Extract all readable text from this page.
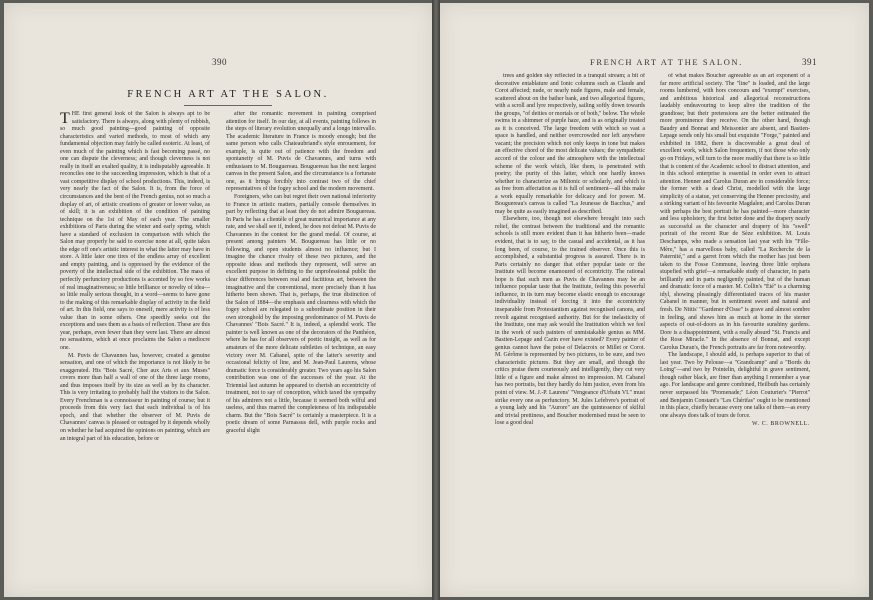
390
FRENCH ART AT THE SALON.

THE first general look of the Salon is always apt to be satisfactory. There is always, along with plenty of rubbish, so much good painting—good painting of opposite characteristics and varied methods, to most of which any fundamental objection may fairly be called esoteric. At least, of even much of the painting which is fast becoming passé, no one can dispute the cleverness; and though cleverness is not really in itself an exalted quality, it is indisputably agreeable. It reconciles one to the succeeding impression, which is that of a vast competitive display of school productions. This, indeed, is very nearly the fact of the Salon. It is, from the force of circumstances and the bent of the French genius, not so much a display of art, of artistic creations of greater or lower value, as of skill; it is an exhibition of the condition of painting technique on the 1st of May of each year. The smaller exhibitions of Paris during the winter and early spring, which have a standard of exclusion in comparison with which the Salon may properly be said to exercise none at all, quite takes the edge off one's artistic interest in what the latter may have in store. A little later one tires of the endless array of excellent and empty painting, and is oppressed by the evidence of the poverty of the intellectual side of the exhibition. The mass of perfectly perfunctory productions is accented by so few works of real imaginativeness; so little brilliance or novelty of idea—so little really serious thought, in a word—seems to have gone to the making of this remarkable display of activity in the field of art. In this field, one says to oneself, mere activity is of less value than in some others. One speedily seeks out the exceptions and uses them as a basis of reflection. These are this year, perhaps, even fewer than they were last. There are almost no sensations, which at once proclaims the Salon a mediocre one.

M. Puvis de Chavannes has, however, created a genuine sensation, and one of which the importance is not likely to be exaggerated. His "Bois Sacré, Cher aux Arts et aux Muses" covers more than half a wall of one of the three large rooms, and thus imposes itself by its size as well as by its character. This is very irritating to probably half the visitors to the Salon. Every Frenchman is a connoisseur in painting of course; but it proceeds from this very fact that each individual is of his epoch, and that whether the observer of M. Puvis de Chavannes' canvas is pleased or outraged by it depends wholly on whether he had acquired the opinions on painting, which are an integral part of his education, before or

after the romantic movement in painting comprised attention for itself. In our day, at all events, painting follows in the steps of literary evolution unequally and a longo intervallo. The academic literature in France is moody enough; but the same person who calls Chateaubriand's style enrouement, for example, is quite out of patience with the freedom and spontaneity of M. Puvis de Chavannes, and turns with enthusiasm to M. Bouguereau. Bouguereau has the next largest canvas in the present Salon, and the circumstance is a fortunate one, as it brings forcibly into contrast two of the chief representatives of the fogey school and the modern movement.

Foreigners, who can but regret their own national inferiority to France in artistic matters, partially console themselves in part by reflecting that at least they do not admire Bouguereau. In Paris he has a clientèle of great numerical importance at any rate, and we shall see if, indeed, he does not defeat M. Puvis de Chavannes in the contest for the grand medal. Of course, at present among painters M. Bouguereau has little or no following, and open students almost no influence; but I imagine the chance rivalry of these two pictures, and the opposite ideas and methods they represent, will serve an excellent purpose in defining to the unprofessional public the clear differences between real and factitious art, between the imaginative and the conventional, more precisely than it has hitherto been shown. That is, perhaps, the true distinction of the Salon of 1884—the emphasis and clearness with which the fogey school are relegated to a subordinate position in their own stronghold by the imposing predominance of M. Puvis de Chavannes' "Bois Sacré." It is, indeed, a splendid work. The painter is well known as one of the decorators of the Panthéon, where he has for all observers of poetic insight, as well as for amateurs of the more delicate subtleties of technique, an easy victory over M. Cabanel, spite of the latter's severity and occasional felicity of line, and M. Jean-Paul Laurens, whose dramatic force is considerably greater. Two years ago his Salon contribution was one of the successes of the year. At the Triennial last autumn he appeared to cherish an eccentricity of treatment, not to say of conception, which taxed the sympathy of his admirers not a little, because it seemed both wilful and useless, and thus marred the completeness of his indisputable charm. But the "Bois Sacré" is certainly a masterpiece. It is a poetic dream of some Parnassus dell, with purple rocks and graceful slight

FRENCH ART AT THE SALON.	391

trees and golden sky reflected in a tranquil stream; a bit of decorative entablature and Ionic columns such as Claude and Corot affected; nude, or nearly nude figures, male and female, scattered about on the bather bank, and two allegorical figures, with a scroll and lyre respectively, sailing softly down towards the groups, "of deities or mortals or of both," below. The whole swims in a shimmer of purple haze, and is as originally treated as it is conceived. The large freedom with which so vast a space is handled, and neither overcrowded nor left anywhere vacant; the precision which not only keeps in tone but makes an effective chord of the most delicate values; the sympathetic accord of the colour and the atmosphere with the intellectual scheme of the work which, like them, is penetrated with poetry; the purity of this latter, which one hardly knows whether to characterize as Miltonic or scholarly, and which is as free from affectation as it is full of sentiment—all this make a work equally remarkable for delicacy and for power. M. Bouguereau's canvas is called "La Jeunesse de Bacchus," and may be quite as easily imagined as described.

Elsewhere, too, though not elsewhere brought into such relief, the contrast between the traditional and the romantic schools is still more evident than it has hitherto been—made evident, that is to say, to the casual and accidental, as it has long been, of course, to the trained observer. Once this is accomplished, a substantial progress is assured. There is in Paris certainly no danger that either popular taste or the Institute will become enamoured of eccentricity. The rational hope is that such men as Puvis de Chavannes may be an influence popular taste that the Institute, feeling this powerful influence, in its turn may become elastic enough to encourage individuality instead of forcing it into the eccentricity inseparable from Protestantism against recognised canons, and revolt against recognised authority. But for the inelasticity of the Institute, one may ask would the Institution which we feel in the work of such painters of unmistakable genius as MM. Bastien-Lepage and Cazin ever have existed? Every painter of genius cannot have the poise of Delacroix or Millet or Corot. M. Gérôme is represented by two pictures, to be sure, and two characteristic pictures. But they are small, and though the critics praise them courteously and intelligently, they cut very little of a figure and make almost no impression. M. Cabanel has two portraits, but they hardly do him justice, even from his point of view. M. J.-P. Laurens' "Vengeance d'Urbain VI." must strike every one as perfunctory. M. Jules Lefebvre's portrait of a young lady and his "Aurore" are the quintessence of skilful and trivial prettiness, and Boucher modernised must be seen to lose a good deal

of what makes Boucher agreeable as an art exponent of a far more artificial society. The "line" is loaded, and the large rooms lumbered, with hors concours and "exempt" exercises, and ambitious historical and allegorical reconstructions laudably endeavouring to keep alive the tradition of the grandiose; but their pretensions are the better estimated the more prominence they receive. On the other hand, though Baudry and Bonnat and Meissonier are absent, and Bastien-Lepage sends only his small but exquisite "Forge," painted and exhibited in 1882, there is discoverable a great deal of excellent work, which Salon frequenters, if not those who only go on Fridays, will turn to the more readily that there is so little that is content of the Academic school to distract attention, and in this school enterprise is essential in order even to attract attention. Henner and Carolus Duran are in considerable force; the former with a dead Christ, modelled with the large simplicity of a statue, yet conserving the Henner preciosity, and a striking variant of his favourite Magdalen; and Carolus Duran with perhaps the best portrait he has painted—more character and less upholstery, the first better done and the drapery nearly as successful as the character and drapery of his "swell" portrait of the recent Rue de Sèze exhibition. M. Louis Deschamps, who made a sensation last year with his "Fille-Mère," has a marvellous baby, called "La Recherche de la Paternité," and a garret from which the mother has just been taken to the Fosse Commune, leaving three little orphans stupefied with grief—a remarkable study of character, in parts brilliantly and in parts negligently painted, but of the human and dramatic force of a master. M. Collin's "Été" is a charming idyl, showing pleasingly differentiated traces of his master Cabanel in manner, but in sentiment sweet and natural and fresh. De Nittis' "Gardener d'Osse" is grave and almost sombre in feeling, and shows him as much at home in the sterner aspects of out-of-doors as in his favourite sunshiny gardens. Dore is a disappointment, with a really absurd "St. Francis and the Rose Miracle." In the absence of Bonnat, and except Carolus Duran's, the French portraits are far from noteworthy.

The landscape, I should add, is perhaps superior to that of last year. Two by Pelouse—a "Grandcamp" and a "Bords du Loing"—and two by Pointelin, delightful in grave sentiment, though rather black, are finer than anything I remember a year ago. For landscape and genre combined, Heilbuth has certainly never surpassed his "Promenade;" Léon Couturier's "Pierrot" and Benjamin Constant's "Les Chérifas" ought to be mentioned in this place, chiefly because every one talks of them—as every one always does talk of tours de force.

W. C. BROWNELL.
